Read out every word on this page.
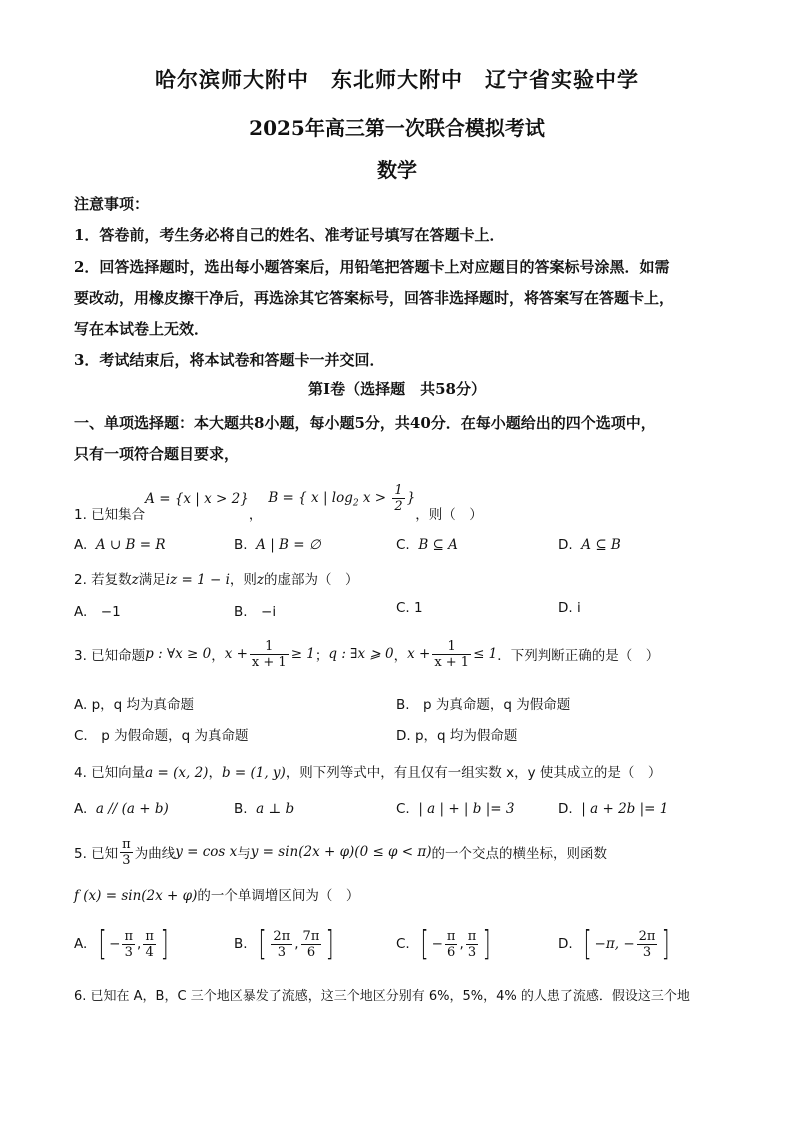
哈尔滨师大附中　东北师大附中　辽宁省实验中学
2025年高三第一次联合模拟考试
数学
注意事项：
1．答卷前，考生务必将自己的姓名、准考证号填写在答题卡上．
2．回答选择题时，选出每小题答案后，用铅笔把答题卡上对应题目的答案标号涂黑．如需
要改动，用橡皮擦干净后，再选涂其它答案标号，回答非选择题时，将答案写在答题卡上，
写在本试卷上无效．
3．考试结束后，将本试卷和答题卡一并交回．
第Ⅰ卷（选择题　共58分）
一、单项选择题：本大题共8小题，每小题5分，共40分．在每小题给出的四个选项中，
只有一项符合题目要求，
1. 已知集合
A = {x | x > 2}
，
B = { x | $\log_2 x > \frac{1}{2}$ }
，则（　）
A. A ∪ B = R	B. A | B = ∅	C. B ⊆ A	D. A ⊆ B
2. 若复数z满足iz = 1 − i，则z的虚部为（　）
A.　−1	B.　−i	C. 1	D. i
3. 已知命题 p : ∀x ≥ 0 ， $x + \frac{1}{x + 1} \ge 1$ ； q : ∃x ⩾ 0 ， $x + \frac{1}{x + 1} \le 1$ ．下列判断正确的是（　）
A. p，q 均为真命题	B.　p 为真命题，q 为假命题
C.　p 为假命题，q 为真命题	D. p，q 均为假命题
4. 已知向量a = (x, 2)，b = (1, y)，则下列等式中，有且仅有一组实数 x，y 使其成立的是（　）
A. a // (a + b)	B. a ⊥ b	C. | a | + | b |= 3	D. | a + 2b |= 1
5. 已知 $\frac{\pi}{3}$ 为曲线 y = cos x 与 y = sin(2x + φ)(0 ≤ φ < π) 的一个交点的横坐标，则函数
f (x) = sin(2x + φ)的一个单调增区间为（　）
A.
[ − $\frac{\pi}{3}$ , $\frac{\pi}{4}$ ]	B.
[ $\frac{2\pi}{3}$ , $\frac{7\pi}{6}$ ]	C.
[ − $\frac{\pi}{6}$ , $\frac{\pi}{3}$ ]	D.
[ −π, − $\frac{2\pi}{3}$ ]
6. 已知在 A，B，C 三个地区暴发了流感，这三个地区分别有 6%，5%，4% 的人患了流感．假设这三个地
